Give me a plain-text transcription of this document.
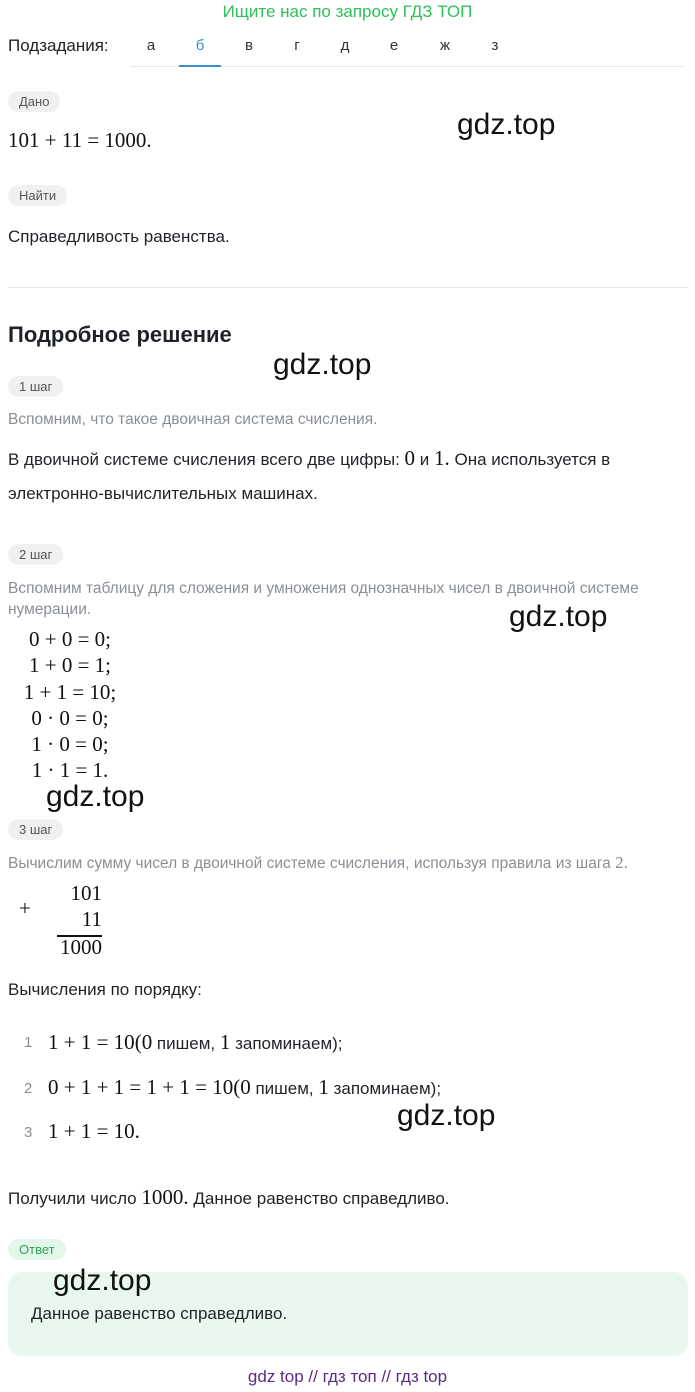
Ищите нас по запросу ГДЗ ТОП
Подзадания:	а	б	в	г	д	е	ж	з
Дано
101 + 11 = 1000.
Найти
Справедливость равенства.
Подробное решение
1 шаг
Вспомним, что такое двоичная система счисления.
В двоичной системе счисления всего две цифры: 0 и 1. Она используется в
электронно-вычислительных машинах.
2 шаг
Вспомним таблицу для сложения и умножения однозначных чисел в двоичной системе
нумерации.
0 + 0 = 0;
1 + 0 = 1;
1 + 1 = 10;
0 · 0 = 0;
1 · 0 = 0;
1 · 1 = 1.
3 шаг
Вычислим сумму чисел в двоичной системе счисления, используя правила из шага 2.
+
101
11
1000
Вычисления по порядку:
1 1 + 1 = 10(0 пишем, 1 запоминаем);
2 0 + 1 + 1 = 1 + 1 = 10(0 пишем, 1 запоминаем);
3 1 + 1 = 10.
Получили число 1000. Данное равенство справедливо.
Ответ
Данное равенство справедливо.
gdz.top
gdz.top
gdz.top
gdz.top
gdz.top
gdz.top
gdz top // гдз топ // гдз top
